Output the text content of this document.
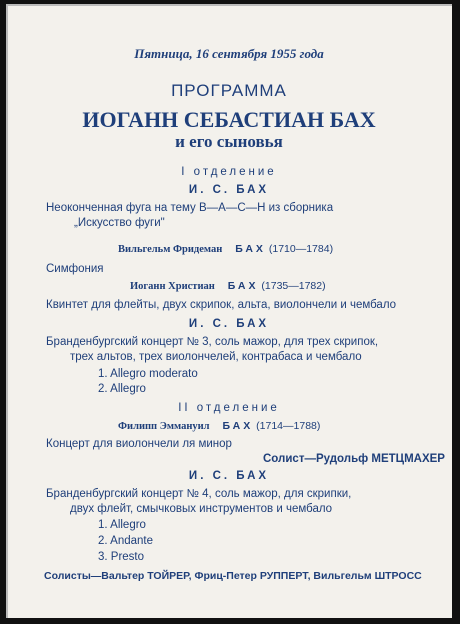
Пятница, 16 сентября 1955 года
ПРОГРАММА
ИОГАНН СЕБАСТИАН БАХ
и его сыновья
I отделение
И. С. БАХ
Неоконченная фуга на тему В—А—С—Н из сборника
„Искусство фуги"
Вильгельм Фридеман БАХ (1710—1784)
Симфония
Иоганн Христиан БАХ (1735—1782)
Квинтет для флейты, двух скрипок, альта, виолончели и чембало
И. С. БАХ
Бранденбургский концерт № 3, соль мажор, для трех скрипок,
трех альтов, трех виолончелей, контрабаса и чембало
1. Allegro moderato
2. Allegro
II отделение
Филипп Эммануил БАХ (1714—1788)
Концерт для виолончели ля минор
Солист—Рудольф МЕТЦМАХЕР
И. С. БАХ
Бранденбургский концерт № 4, соль мажор, для скрипки,
двух флейт, смычковых инструментов и чембало
1. Allegro
2. Andante
3. Presto
Солисты—Вальтер ТОЙРЕР, Фриц-Петер РУППЕРТ, Вильгельм ШТРОСС
